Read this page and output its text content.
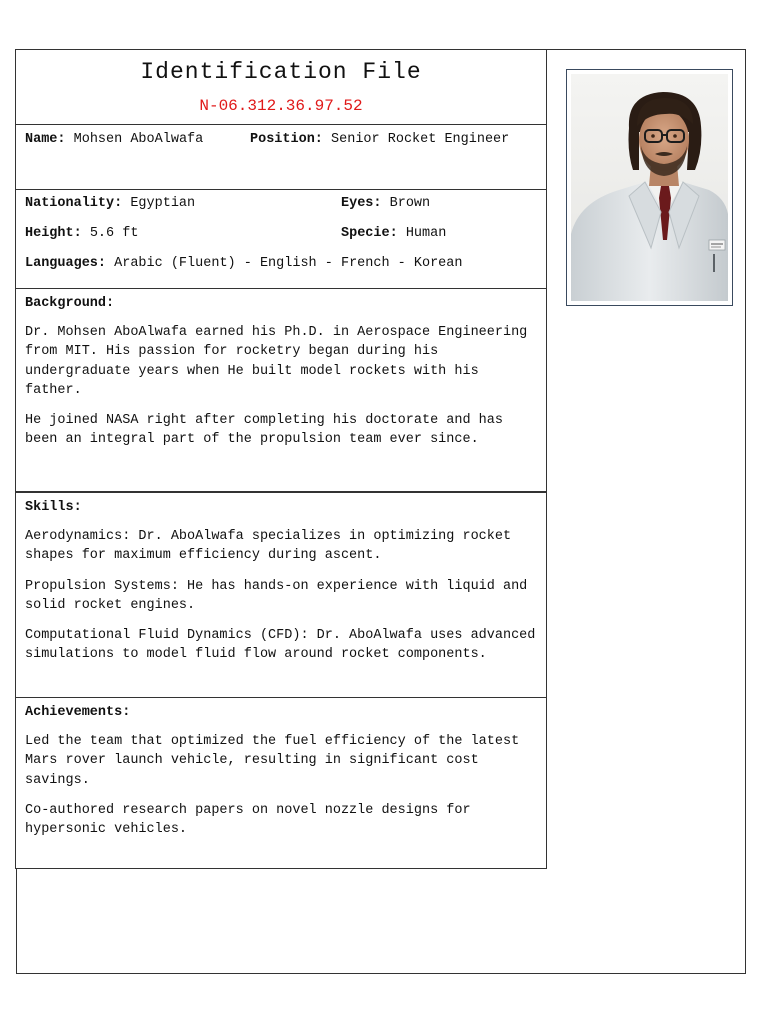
Identification File
N-06.312.36.97.52
Name: Mohsen AboAlwafa	Position: Senior Rocket Engineer
Nationality: Egyptian	Eyes: Brown
Height: 5.6 ft	Specie: Human
Languages: Arabic (Fluent) - English - French - Korean
Background:

Dr. Mohsen AboAlwafa earned his Ph.D. in Aerospace Engineering from MIT. His passion for rocketry began during his undergraduate years when He built model rockets with his father.

He joined NASA right after completing his doctorate and has been an integral part of the propulsion team ever since.

Skills:

Aerodynamics: Dr. AboAlwafa specializes in optimizing rocket shapes for maximum efficiency during ascent.

Propulsion Systems: He has hands-on experience with liquid and solid rocket engines.

Computational Fluid Dynamics (CFD): Dr. AboAlwafa uses advanced simulations to model fluid flow around rocket components.

Achievements:

Led the team that optimized the fuel efficiency of the latest Mars rover launch vehicle, resulting in significant cost savings.

Co-authored research papers on novel nozzle designs for hypersonic vehicles.
